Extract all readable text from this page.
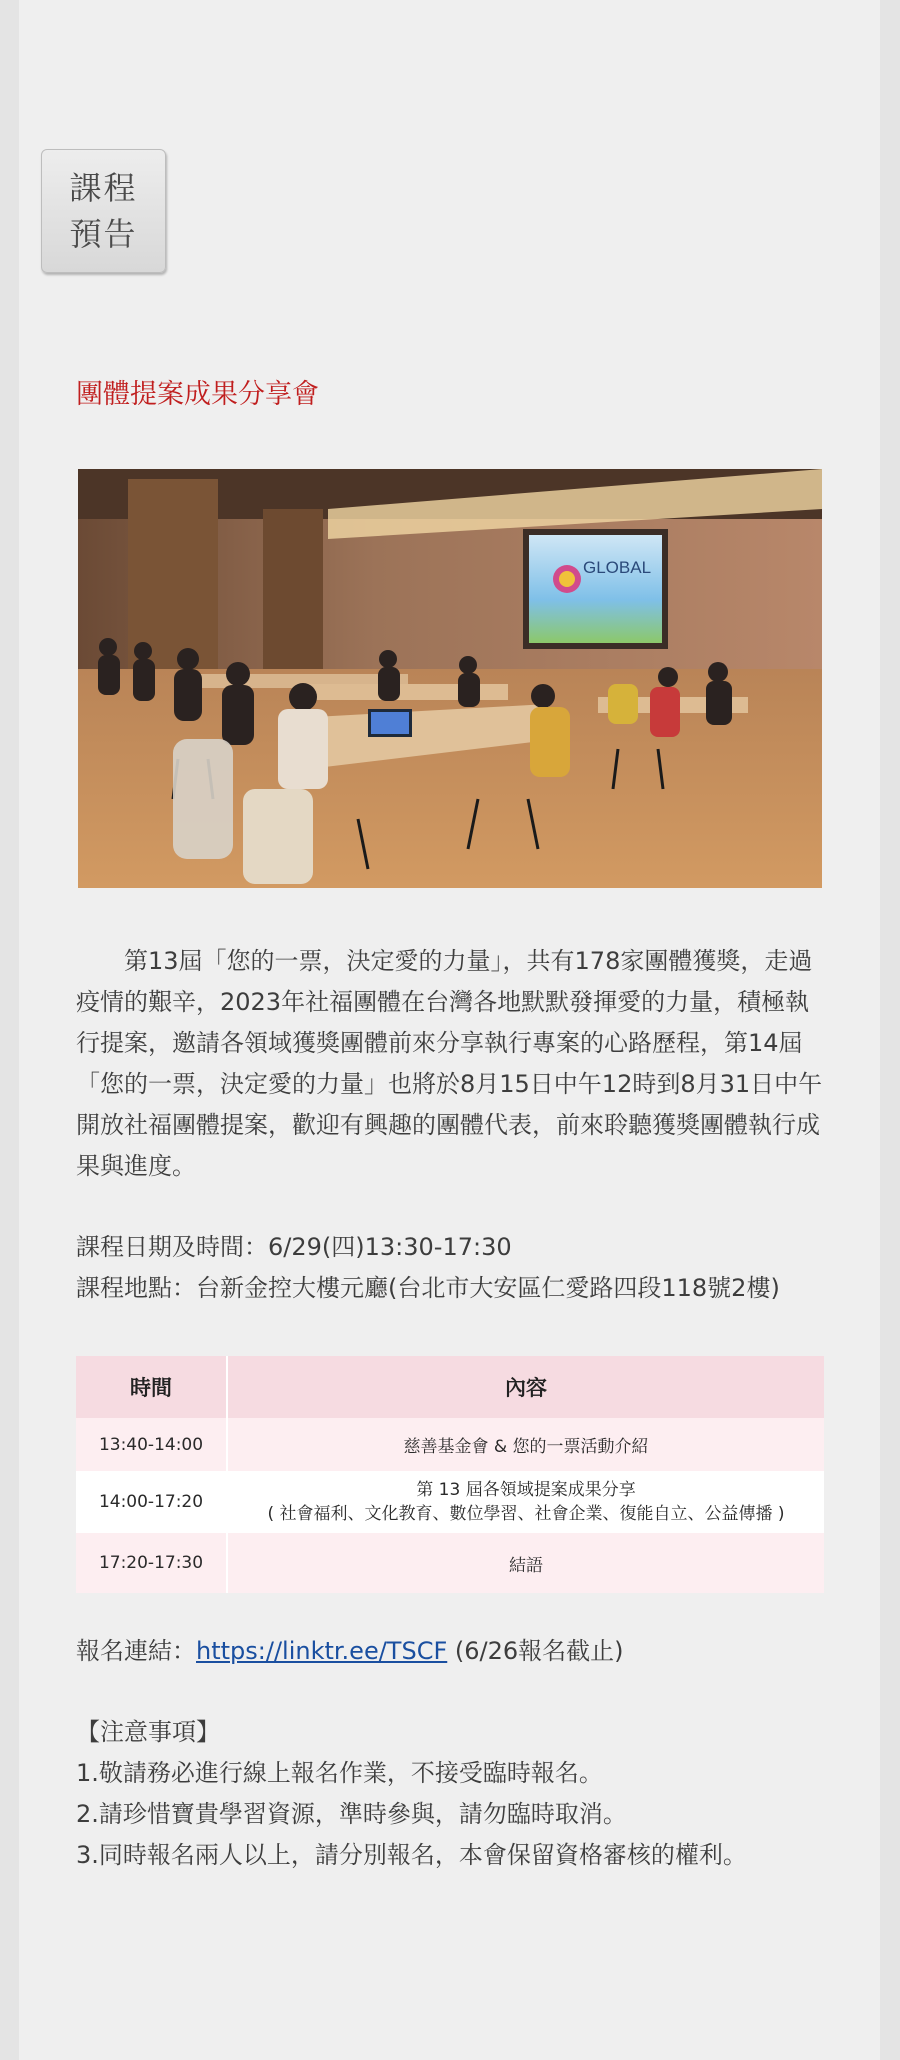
課程
預告
團體提案成果分享會
GLOBAL

第13屆「您的一票，決定愛的力量」，共有178家團體獲獎，走過疫情的艱辛，2023年社福團體在台灣各地默默發揮愛的力量，積極執行提案，邀請各領域獲獎團體前來分享執行專案的心路歷程，第14屆「您的一票，決定愛的力量」也將於8月15日中午12時到8月31日中午開放社福團體提案，歡迎有興趣的團體代表，前來聆聽獲獎團體執行成果與進度。

課程日期及時間：6/29(四)13:30-17:30
課程地點：台新金控大樓元廳(台北市大安區仁愛路四段118號2樓)
時間	內容
13:40-14:00	慈善基金會 & 您的一票活動介紹
14:00-17:20	第 13 屆各領域提案成果分享
( 社會福利、文化教育、數位學習、社會企業、復能自立、公益傳播 )

17:20-17:30	結語
報名連結：https://linktr.ee/TSCF (6/26報名截止)
【注意事項】
1.敬請務必進行線上報名作業，不接受臨時報名。
2.請珍惜寶貴學習資源，準時參與，請勿臨時取消。
3.同時報名兩人以上，請分別報名，本會保留資格審核的權利。
